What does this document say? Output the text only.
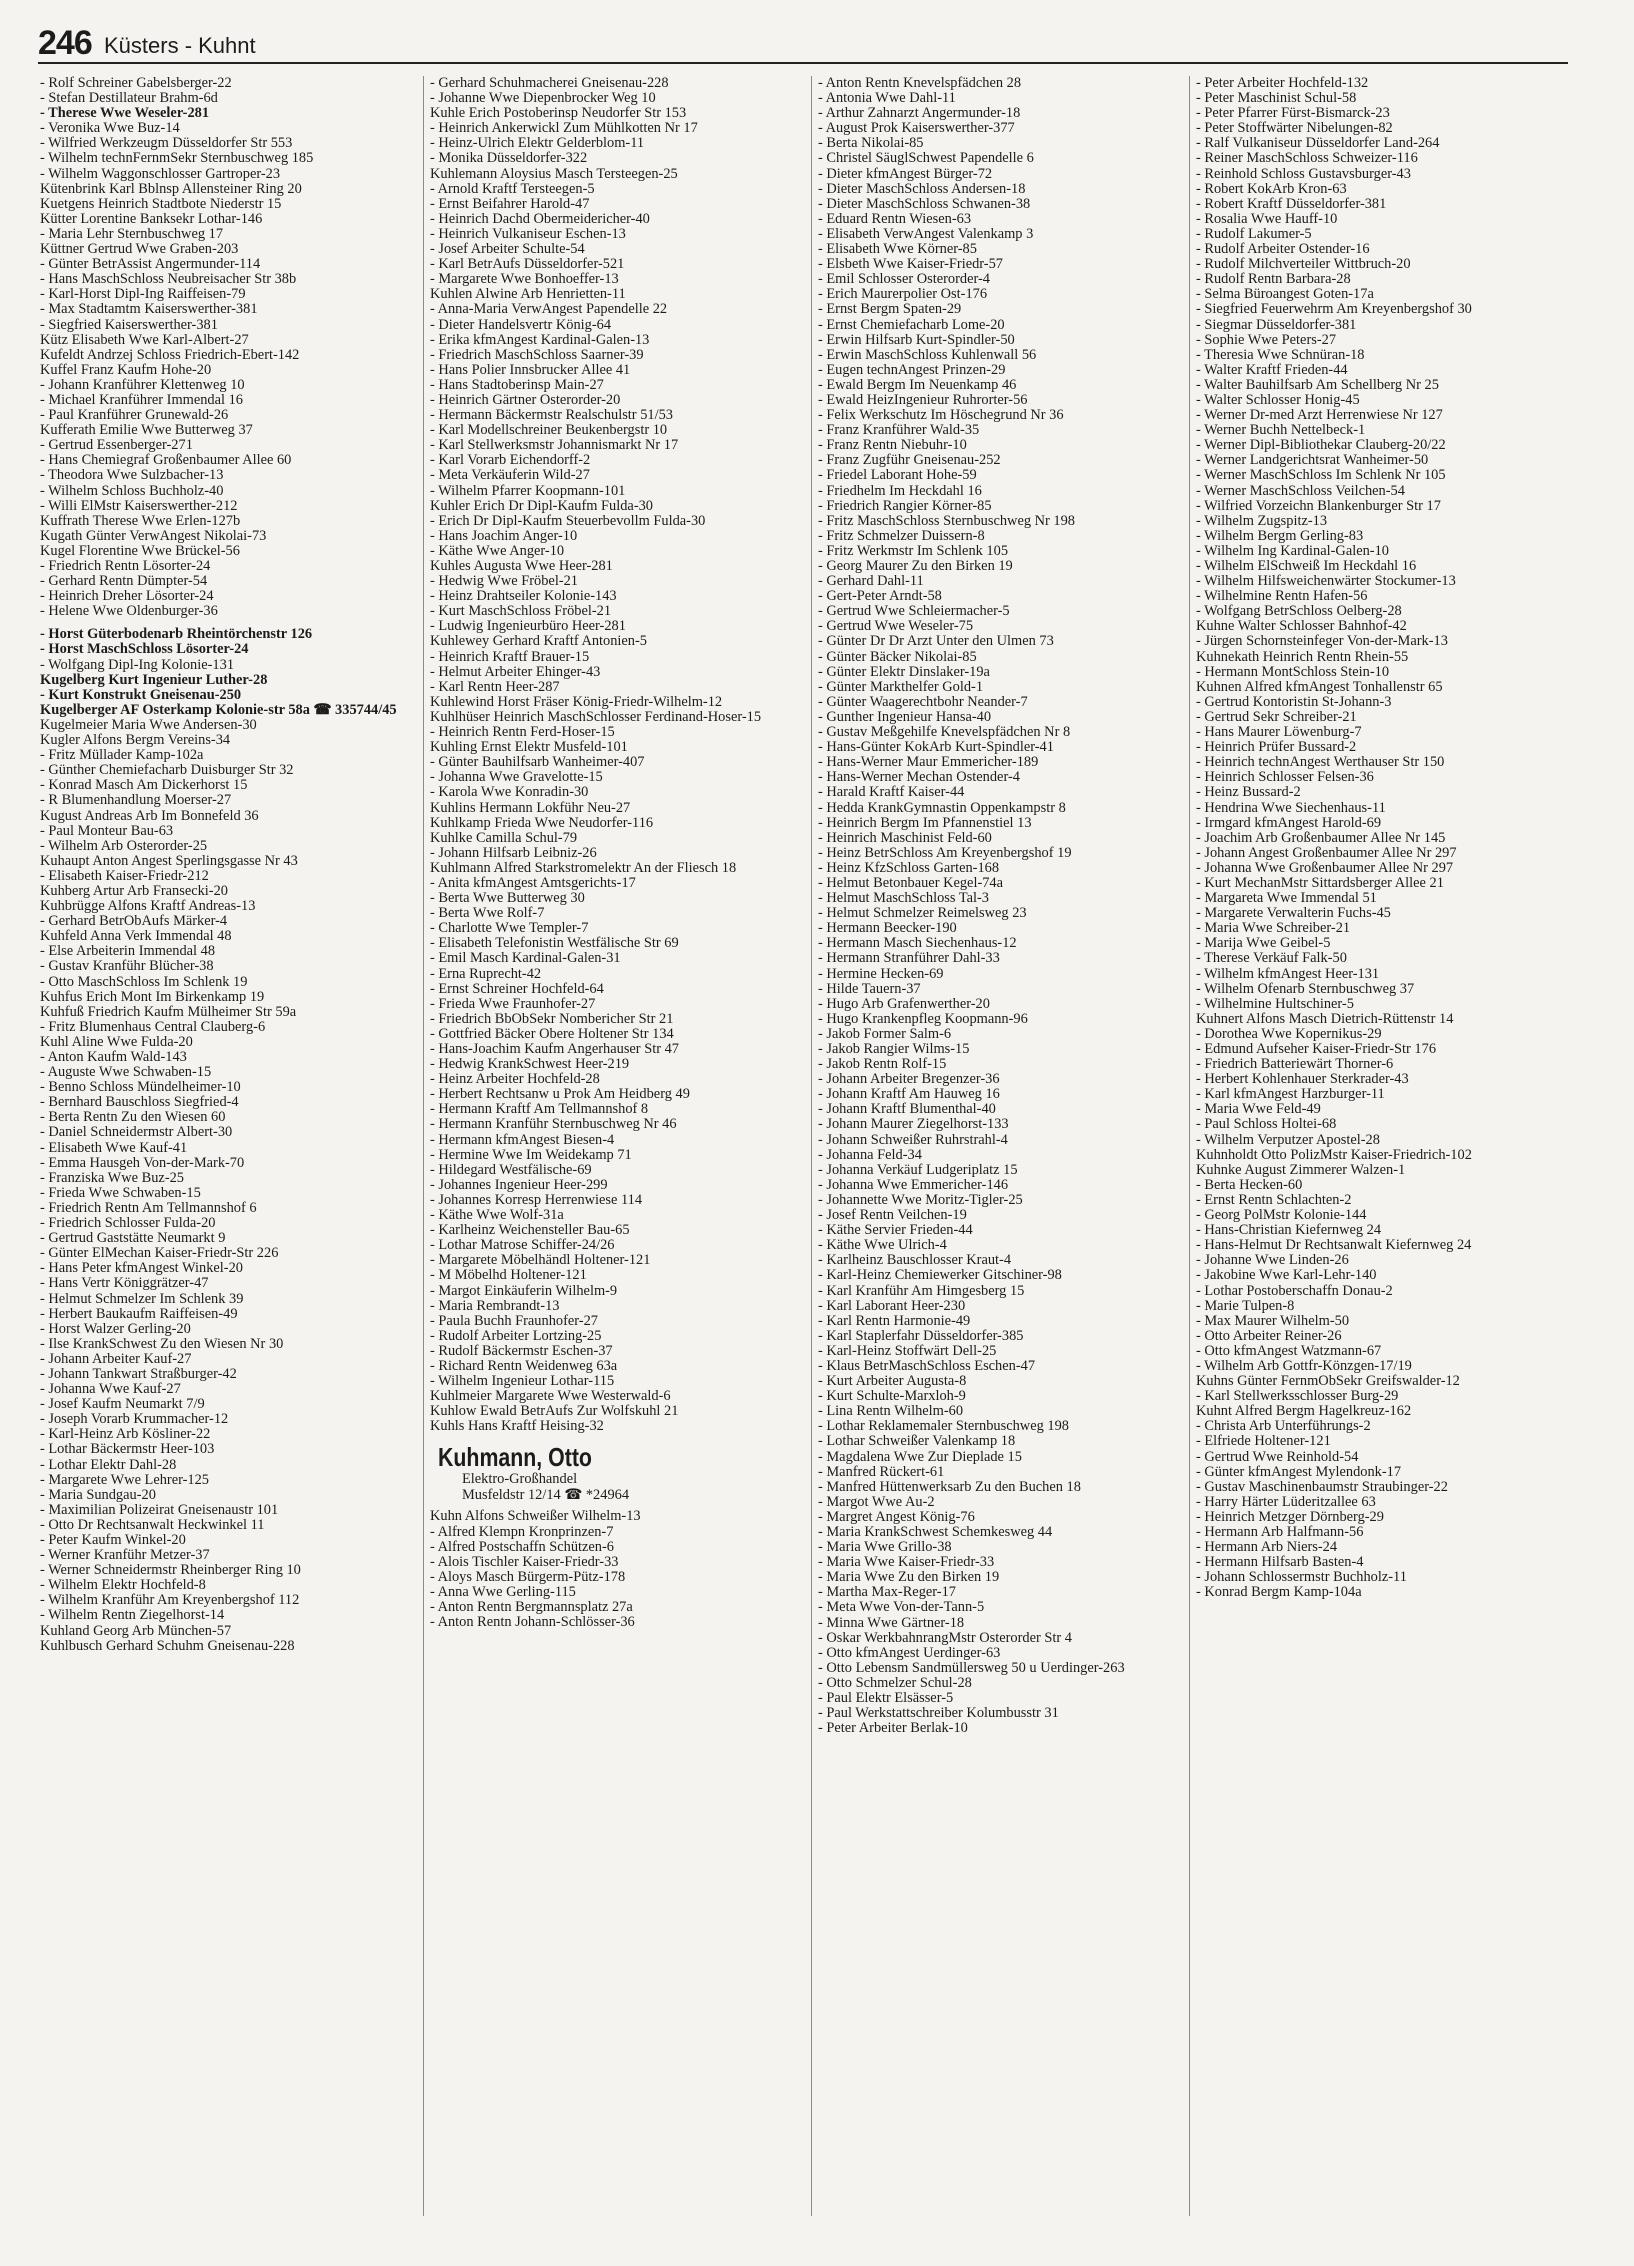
246 Küsters - Kuhnt
- Rolf Schreiner Gabelsberger-22
- Stefan Destillateur Brahm-6d
- Therese Wwe Weseler-281
- Veronika Wwe Buz-14
- Wilfried Werkzeugm Düsseldorfer Str 553
- Wilhelm technFernmSekr Sternbuschweg 185
- Wilhelm Waggonschlosser Gartroper-23
Kütenbrink Karl Bblnsp Allensteiner Ring 20
Kuetgens Heinrich Stadtbote Niederstr 15
Kütter Lorentine Banksekr Lothar-146
- Maria Lehr Sternbuschweg 17
Küttner Gertrud Wwe Graben-203
- Günter BetrAssist Angermunder-114
- Hans MaschSchloss Neubreisacher Str 38b
- Karl-Horst Dipl-Ing Raiffeisen-79
- Max Stadtamtm Kaiserswerther-381
- Siegfried Kaiserswerther-381
Kütz Elisabeth Wwe Karl-Albert-27
Kufeldt Andrzej Schloss Friedrich-Ebert-142
Kuffel Franz Kaufm Hohe-20
- Johann Kranführer Klettenweg 10
- Michael Kranführer Immendal 16
- Paul Kranführer Grunewald-26
Kufferath Emilie Wwe Butterweg 37
- Gertrud Essenberger-271
- Hans Chemiegraf Großenbaumer Allee 60
- Theodora Wwe Sulzbacher-13
- Wilhelm Schloss Buchholz-40
- Willi ElMstr Kaiserswerther-212
Kuffrath Therese Wwe Erlen-127b
Kugath Günter VerwAngest Nikolai-73
Kugel Florentine Wwe Brückel-56
- Friedrich Rentn Lösorter-24
- Gerhard Rentn Dümpter-54
- Heinrich Dreher Lösorter-24
- Helene Wwe Oldenburger-36

- Horst Güterbodenarb Rheintörchenstr 126
- Horst MaschSchloss Lösorter-24
- Wolfgang Dipl-Ing Kolonie-131
Kugelberg Kurt Ingenieur Luther-28
- Kurt Konstrukt Gneisenau-250
Kugelberger AF Osterkamp Kolonie-str 58a ☎ 335744/45
Kugelmeier Maria Wwe Andersen-30
Kugler Alfons Bergm Vereins-34
- Fritz Müllader Kamp-102a
- Günther Chemiefacharb Duisburger Str 32
- Konrad Masch Am Dickerhorst 15
- R Blumenhandlung Moerser-27
Kugust Andreas Arb Im Bonnefeld 36
- Paul Monteur Bau-63
- Wilhelm Arb Osterorder-25
Kuhaupt Anton Angest Sperlingsgasse Nr 43
- Elisabeth Kaiser-Friedr-212
Kuhberg Artur Arb Fransecki-20
Kuhbrügge Alfons Kraftf Andreas-13
- Gerhard BetrObAufs Märker-4
Kuhfeld Anna Verk Immendal 48
- Else Arbeiterin Immendal 48
- Gustav Kranführ Blücher-38
- Otto MaschSchloss Im Schlenk 19
Kuhfus Erich Mont Im Birkenkamp 19
Kuhfuß Friedrich Kaufm Mülheimer Str 59a
- Fritz Blumenhaus Central Clauberg-6
Kuhl Aline Wwe Fulda-20
- Anton Kaufm Wald-143
- Auguste Wwe Schwaben-15
- Benno Schloss Mündelheimer-10
- Bernhard Bauschloss Siegfried-4
- Berta Rentn Zu den Wiesen 60
- Daniel Schneidermstr Albert-30
- Elisabeth Wwe Kauf-41
- Emma Hausgeh Von-der-Mark-70
- Franziska Wwe Buz-25
- Frieda Wwe Schwaben-15
- Friedrich Rentn Am Tellmannshof 6
- Friedrich Schlosser Fulda-20
- Gertrud Gaststätte Neumarkt 9
- Günter ElMechan Kaiser-Friedr-Str 226
- Hans Peter kfmAngest Winkel-20
- Hans Vertr Königgrätzer-47
- Helmut Schmelzer Im Schlenk 39
- Herbert Baukaufm Raiffeisen-49
- Horst Walzer Gerling-20
- Ilse KrankSchwest Zu den Wiesen Nr 30
- Johann Arbeiter Kauf-27
- Johann Tankwart Straßburger-42
- Johanna Wwe Kauf-27
- Josef Kaufm Neumarkt 7/9
- Joseph Vorarb Krummacher-12
- Karl-Heinz Arb Kösliner-22
- Lothar Bäckermstr Heer-103
- Lothar Elektr Dahl-28
- Margarete Wwe Lehrer-125
- Maria Sundgau-20
- Maximilian Polizeirat Gneisenaustr 101
- Otto Dr Rechtsanwalt Heckwinkel 11
- Peter Kaufm Winkel-20
- Werner Kranführ Metzer-37
- Werner Schneidermstr Rheinberger Ring 10
- Wilhelm Elektr Hochfeld-8
- Wilhelm Kranführ Am Kreyenbergshof 112
- Wilhelm Rentn Ziegelhorst-14
Kuhland Georg Arb München-57
Kuhlbusch Gerhard Schuhm Gneisenau-228
- Gerhard Schuhmacherei Gneisenau-228
- Johanne Wwe Diepenbrocker Weg 10
Kuhle Erich Postoberinsp Neudorfer Str 153
- Heinrich Ankerwickl Zum Mühlkotten Nr 17
- Heinz-Ulrich Elektr Gelderblom-11
- Monika Düsseldorfer-322
Kuhlemann Aloysius Masch Tersteegen-25
- Arnold Kraftf Tersteegen-5
- Ernst Beifahrer Harold-47
- Heinrich Dachd Obermeidericher-40
- Heinrich Vulkaniseur Eschen-13
- Josef Arbeiter Schulte-54
- Karl BetrAufs Düsseldorfer-521
- Margarete Wwe Bonhoeffer-13
Kuhlen Alwine Arb Henrietten-11
- Anna-Maria VerwAngest Papendelle 22
- Dieter Handelsvertr König-64
- Erika kfmAngest Kardinal-Galen-13
- Friedrich MaschSchloss Saarner-39
- Hans Polier Innsbrucker Allee 41
- Hans Stadtoberinsp Main-27
- Heinrich Gärtner Osterorder-20
- Hermann Bäckermstr Realschulstr 51/53
- Karl Modellschreiner Beukenbergstr 10
- Karl Stellwerksmstr Johannismarkt Nr 17
- Karl Vorarb Eichendorff-2
- Meta Verkäuferin Wild-27
- Wilhelm Pfarrer Koopmann-101
Kuhler Erich Dr Dipl-Kaufm Fulda-30
- Erich Dr Dipl-Kaufm Steuerbevollm Fulda-30
- Hans Joachim Anger-10
- Käthe Wwe Anger-10
Kuhles Augusta Wwe Heer-281
- Hedwig Wwe Fröbel-21
- Heinz Drahtseiler Kolonie-143
- Kurt MaschSchloss Fröbel-21
- Ludwig Ingenieurbüro Heer-281
Kuhlewey Gerhard Kraftf Antonien-5
- Heinrich Kraftf Brauer-15
- Helmut Arbeiter Ehinger-43
- Karl Rentn Heer-287
Kuhlewind Horst Fräser König-Friedr-Wilhelm-12
Kuhlhüser Heinrich MaschSchlosser Ferdinand-Hoser-15
- Heinrich Rentn Ferd-Hoser-15
Kuhling Ernst Elektr Musfeld-101
- Günter Bauhilfsarb Wanheimer-407
- Johanna Wwe Gravelotte-15
- Karola Wwe Konradin-30
Kuhlins Hermann Lokführ Neu-27
Kuhlkamp Frieda Wwe Neudorfer-116
Kuhlke Camilla Schul-79
- Johann Hilfsarb Leibniz-26
Kuhlmann Alfred Starkstromelektr An der Fliesch 18
- Anita kfmAngest Amtsgerichts-17
- Berta Wwe Butterweg 30
- Berta Wwe Rolf-7
- Charlotte Wwe Templer-7
- Elisabeth Telefonistin Westfälische Str 69
- Emil Masch Kardinal-Galen-31
- Erna Ruprecht-42
- Ernst Schreiner Hochfeld-64
- Frieda Wwe Fraunhofer-27
- Friedrich BbObSekr Nombericher Str 21
- Gottfried Bäcker Obere Holtener Str 134
- Hans-Joachim Kaufm Angerhauser Str 47
- Hedwig KrankSchwest Heer-219
- Heinz Arbeiter Hochfeld-28
- Herbert Rechtsanw u Prok Am Heidberg 49
- Hermann Kraftf Am Tellmannshof 8
- Hermann Kranführ Sternbuschweg Nr 46
- Hermann kfmAngest Biesen-4
- Hermine Wwe Im Weidekamp 71
- Hildegard Westfälische-69
- Johannes Ingenieur Heer-299
- Johannes Korresp Herrenwiese 114
- Käthe Wwe Wolf-31a
- Karlheinz Weichensteller Bau-65
- Lothar Matrose Schiffer-24/26
- Margarete Möbelhändl Holtener-121
- M Möbelhd Holtener-121
- Margot Einkäuferin Wilhelm-9
- Maria Rembrandt-13
- Paula Buchh Fraunhofer-27
- Rudolf Arbeiter Lortzing-25
- Rudolf Bäckermstr Eschen-37
- Richard Rentn Weidenweg 63a
- Wilhelm Ingenieur Lothar-115
Kuhlmeier Margarete Wwe Westerwald-6
Kuhlow Ewald BetrAufs Zur Wolfskuhl 21
Kuhls Hans Kraftf Heising-32
Kuhmann, Otto
Elektro-Großhandel
Musfeldstr 12/14 ☎ *24964
Kuhn Alfons Schweißer Wilhelm-13
- Alfred Klempn Kronprinzen-7
- Alfred Postschaffn Schützen-6
- Alois Tischler Kaiser-Friedr-33
- Aloys Masch Bürgerm-Pütz-178
- Anna Wwe Gerling-115
- Anton Rentn Bergmannsplatz 27a
- Anton Rentn Johann-Schlösser-36
- Anton Rentn Knevelspfädchen 28
- Antonia Wwe Dahl-11
- Arthur Zahnarzt Angermunder-18
- August Prok Kaiserswerther-377
- Berta Nikolai-85
- Christel SäuglSchwest Papendelle 6
- Dieter kfmAngest Bürger-72
- Dieter MaschSchloss Andersen-18
- Dieter MaschSchloss Schwanen-38
- Eduard Rentn Wiesen-63
- Elisabeth VerwAngest Valenkamp 3
- Elisabeth Wwe Körner-85
- Elsbeth Wwe Kaiser-Friedr-57
- Emil Schlosser Osterorder-4
- Erich Maurerpolier Ost-176
- Ernst Bergm Spaten-29
- Ernst Chemiefacharb Lome-20
- Erwin Hilfsarb Kurt-Spindler-50
- Erwin MaschSchloss Kuhlenwall 56
- Eugen technAngest Prinzen-29
- Ewald Bergm Im Neuenkamp 46
- Ewald HeizIngenieur Ruhrorter-56
- Felix Werkschutz Im Höschegrund Nr 36
- Franz Kranführer Wald-35
- Franz Rentn Niebuhr-10
- Franz Zugführ Gneisenau-252
- Friedel Laborant Hohe-59
- Friedhelm Im Heckdahl 16
- Friedrich Rangier Körner-85
- Fritz MaschSchloss Sternbuschweg Nr 198
- Fritz Schmelzer Duissern-8
- Fritz Werkmstr Im Schlenk 105
- Georg Maurer Zu den Birken 19
- Gerhard Dahl-11
- Gert-Peter Arndt-58
- Gertrud Wwe Schleiermacher-5
- Gertrud Wwe Weseler-75
- Günter Dr Dr Arzt Unter den Ulmen 73
- Günter Bäcker Nikolai-85
- Günter Elektr Dinslaker-19a
- Günter Markthelfer Gold-1
- Günter Waagerechtbohr Neander-7
- Gunther Ingenieur Hansa-40
- Gustav Meßgehilfe Knevelspfädchen Nr 8
- Hans-Günter KokArb Kurt-Spindler-41
- Hans-Werner Maur Emmericher-189
- Hans-Werner Mechan Ostender-4
- Harald Kraftf Kaiser-44
- Hedda KrankGymnastin Oppenkampstr 8
- Heinrich Bergm Im Pfannenstiel 13
- Heinrich Maschinist Feld-60
- Heinz BetrSchloss Am Kreyenbergshof 19
- Heinz KfzSchloss Garten-168
- Helmut Betonbauer Kegel-74a
- Helmut MaschSchloss Tal-3
- Helmut Schmelzer Reimelsweg 23
- Hermann Beecker-190
- Hermann Masch Siechenhaus-12
- Hermann Stranführer Dahl-33
- Hermine Hecken-69
- Hilde Tauern-37
- Hugo Arb Grafenwerther-20
- Hugo Krankenpfleg Koopmann-96
- Jakob Former Salm-6
- Jakob Rangier Wilms-15
- Jakob Rentn Rolf-15
- Johann Arbeiter Bregenzer-36
- Johann Kraftf Am Hauweg 16
- Johann Kraftf Blumenthal-40
- Johann Maurer Ziegelhorst-133
- Johann Schweißer Ruhrstrahl-4
- Johanna Feld-34
- Johanna Verkäuf Ludgeriplatz 15
- Johanna Wwe Emmericher-146
- Johannette Wwe Moritz-Tigler-25
- Josef Rentn Veilchen-19
- Käthe Servier Frieden-44
- Käthe Wwe Ulrich-4
- Karlheinz Bauschlosser Kraut-4
- Karl-Heinz Chemiewerker Gitschiner-98
- Karl Kranführ Am Himgesberg 15
- Karl Laborant Heer-230
- Karl Rentn Harmonie-49
- Karl Staplerfahr Düsseldorfer-385
- Karl-Heinz Stoffwärt Dell-25
- Klaus BetrMaschSchloss Eschen-47
- Kurt Arbeiter Augusta-8
- Kurt Schulte-Marxloh-9
- Lina Rentn Wilhelm-60
- Lothar Reklamemaler Sternbuschweg 198
- Lothar Schweißer Valenkamp 18
- Magdalena Wwe Zur Dieplade 15
- Manfred Rückert-61
- Manfred Hüttenwerksarb Zu den Buchen 18
- Margot Wwe Au-2
- Margret Angest König-76
- Maria KrankSchwest Schemkesweg 44
- Maria Wwe Grillo-38
- Maria Wwe Kaiser-Friedr-33
- Maria Wwe Zu den Birken 19
- Martha Max-Reger-17
- Meta Wwe Von-der-Tann-5
- Minna Wwe Gärtner-18
- Oskar WerkbahnrangMstr Osterorder Str 4
- Otto kfmAngest Uerdinger-63
- Otto Lebensm Sandmüllersweg 50 u Uerdinger-263
- Otto Schmelzer Schul-28
- Paul Elektr Elsässer-5
- Paul Werkstattschreiber Kolumbusstr 31
- Peter Arbeiter Berlak-10
- Peter Arbeiter Hochfeld-132
- Peter Maschinist Schul-58
- Peter Pfarrer Fürst-Bismarck-23
- Peter Stoffwärter Nibelungen-82
- Ralf Vulkaniseur Düsseldorfer Land-264
- Reiner MaschSchloss Schweizer-116
- Reinhold Schloss Gustavsburger-43
- Robert KokArb Kron-63
- Robert Kraftf Düsseldorfer-381
- Rosalia Wwe Hauff-10
- Rudolf Lakumer-5
- Rudolf Arbeiter Ostender-16
- Rudolf Milchverteiler Wittbruch-20
- Rudolf Rentn Barbara-28
- Selma Büroangest Goten-17a
- Siegfried Feuerwehrm Am Kreyenbergshof 30
- Siegmar Düsseldorfer-381
- Sophie Wwe Peters-27
- Theresia Wwe Schnüran-18
- Walter Kraftf Frieden-44
- Walter Bauhilfsarb Am Schellberg Nr 25
- Walter Schlosser Honig-45
- Werner Dr-med Arzt Herrenwiese Nr 127
- Werner Buchh Nettelbeck-1
- Werner Dipl-Bibliothekar Clauberg-20/22
- Werner Landgerichtsrat Wanheimer-50
- Werner MaschSchloss Im Schlenk Nr 105
- Werner MaschSchloss Veilchen-54
- Wilfried Vorzeichn Blankenburger Str 17
- Wilhelm Zugspitz-13
- Wilhelm Bergm Gerling-83
- Wilhelm Ing Kardinal-Galen-10
- Wilhelm ElSchweiß Im Heckdahl 16
- Wilhelm Hilfsweichenwärter Stockumer-13
- Wilhelmine Rentn Hafen-56
- Wolfgang BetrSchloss Oelberg-28
Kuhne Walter Schlosser Bahnhof-42
- Jürgen Schornsteinfeger Von-der-Mark-13
Kuhnekath Heinrich Rentn Rhein-55
- Hermann MontSchloss Stein-10
Kuhnen Alfred kfmAngest Tonhallenstr 65
- Gertrud Kontoristin St-Johann-3
- Gertrud Sekr Schreiber-21
- Hans Maurer Löwenburg-7
- Heinrich Prüfer Bussard-2
- Heinrich technAngest Werthauser Str 150
- Heinrich Schlosser Felsen-36
- Heinz Bussard-2
- Hendrina Wwe Siechenhaus-11
- Irmgard kfmAngest Harold-69
- Joachim Arb Großenbaumer Allee Nr 145
- Johann Angest Großenbaumer Allee Nr 297
- Johanna Wwe Großenbaumer Allee Nr 297
- Kurt MechanMstr Sittardsberger Allee 21
- Margareta Wwe Immendal 51
- Margarete Verwalterin Fuchs-45
- Maria Wwe Schreiber-21
- Marija Wwe Geibel-5
- Therese Verkäuf Falk-50
- Wilhelm kfmAngest Heer-131
- Wilhelm Ofenarb Sternbuschweg 37
- Wilhelmine Hultschiner-5
Kuhnert Alfons Masch Dietrich-Rüttenstr 14
- Dorothea Wwe Kopernikus-29
- Edmund Aufseher Kaiser-Friedr-Str 176
- Friedrich Batteriewärt Thorner-6
- Herbert Kohlenhauer Sterkrader-43
- Karl kfmAngest Harzburger-11
- Maria Wwe Feld-49
- Paul Schloss Holtei-68
- Wilhelm Verputzer Apostel-28
Kuhnholdt Otto PolizMstr Kaiser-Friedrich-102
Kuhnke August Zimmerer Walzen-1
- Berta Hecken-60
- Ernst Rentn Schlachten-2
- Georg PolMstr Kolonie-144
- Hans-Christian Kiefernweg 24
- Hans-Helmut Dr Rechtsanwalt Kiefernweg 24
- Johanne Wwe Linden-26
- Jakobine Wwe Karl-Lehr-140
- Lothar Postoberschaffn Donau-2
- Marie Tulpen-8
- Max Maurer Wilhelm-50
- Otto Arbeiter Reiner-26
- Otto kfmAngest Watzmann-67
- Wilhelm Arb Gottfr-Könzgen-17/19
Kuhns Günter FernmObSekr Greifswalder-12
- Karl Stellwerksschlosser Burg-29
Kuhnt Alfred Bergm Hagelkreuz-162
- Christa Arb Unterführungs-2
- Elfriede Holtener-121
- Gertrud Wwe Reinhold-54
- Günter kfmAngest Mylendonk-17
- Gustav Maschinenbaumstr Straubinger-22
- Harry Härter Lüderitzallee 63
- Heinrich Metzger Dörnberg-29
- Hermann Arb Halfmann-56
- Hermann Arb Niers-24
- Hermann Hilfsarb Basten-4
- Johann Schlossermstr Buchholz-11
- Konrad Bergm Kamp-104a
